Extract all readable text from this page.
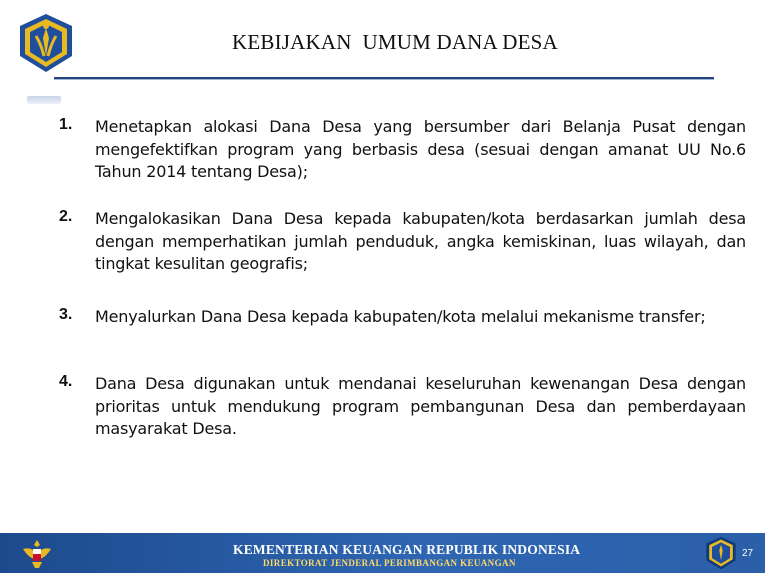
KEBIJAKAN  UMUM DANA DESA
1. Menetapkan alokasi Dana Desa yang bersumber dari Belanja Pusat dengan mengefektifkan program yang berbasis desa (sesuai dengan amanat UU No.6 Tahun 2014 tentang Desa);
2. Mengalokasikan Dana Desa kepada kabupaten/kota berdasarkan jumlah desa dengan memperhatikan jumlah penduduk, angka kemiskinan, luas wilayah, dan tingkat kesulitan geografis;
3. Menyalurkan Dana Desa kepada kabupaten/kota melalui mekanisme transfer;
4. Dana Desa digunakan untuk mendanai keseluruhan kewenangan Desa dengan prioritas untuk mendukung program pembangunan Desa dan pemberdayaan masyarakat Desa.
KEMENTERIAN KEUANGAN REPUBLIK INDONESIA
DIREKTORAT JENDERAL PERIMBANGAN KEUANGAN
27
